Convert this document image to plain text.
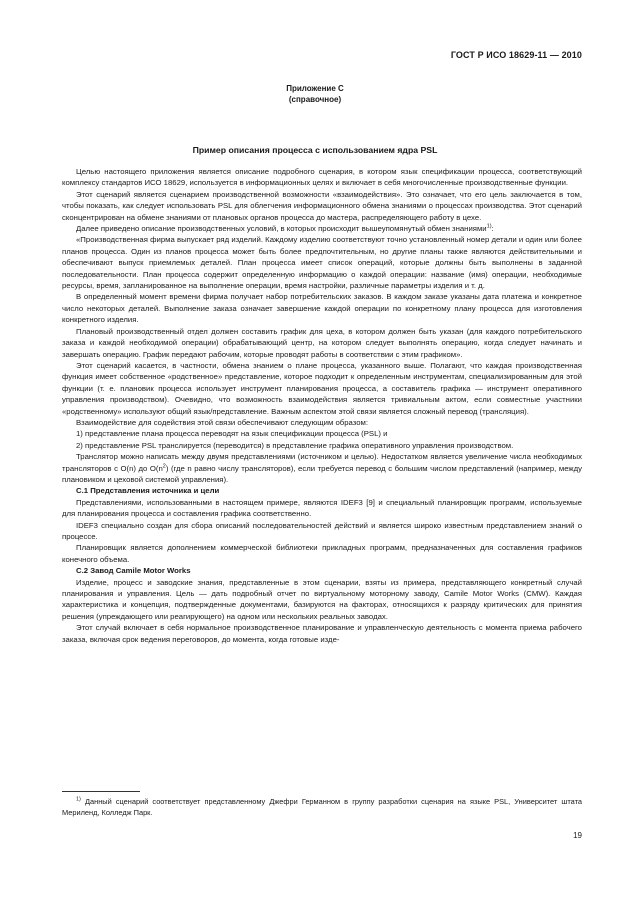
ГОСТ Р ИСО 18629-11 — 2010
Приложение С
(справочное)
Пример описания процесса с использованием ядра PSL

Целью настоящего приложения является описание подробного сценария, в котором язык спецификации процесса, соответствующий комплексу стандартов ИСО 18629, используется в информационных целях и включает в себя многочисленные производственные функции.

Этот сценарий является сценарием производственной возможности «взаимодействия». Это означает, что его цель заключается в том, чтобы показать, как следует использовать PSL для облегчения информационного обмена знаниями о процессах производства. Этот сценарий сконцентрирован на обмене знаниями от плановых органов процесса до мастера, распределяющего работу в цехе.

Далее приведено описание производственных условий, в которых происходит вышеупомянутый обмен знаниями$^{1)}$:

«Производственная фирма выпускает ряд изделий. Каждому изделию соответствуют точно установленный номер детали и один или более планов процесса. Один из планов процесса может быть более предпочтительным, но другие планы также являются действительными и обеспечивают выпуск приемлемых деталей. План процесса имеет список операций, которые должны быть выполнены в заданной последовательности. План процесса содержит определенную информацию о каждой операции: название (имя) операции, необходимые ресурсы, время, запланированное на выполнение операции, время настройки, различные параметры изделия и т. д.

В определенный момент времени фирма получает набор потребительских заказов. В каждом заказе указаны дата платежа и конкретное число некоторых деталей. Выполнение заказа означает завершение каждой операции по конкретному плану процесса для изготовления конкретного изделия.

Плановый производственный отдел должен составить график для цеха, в котором должен быть указан (для каждого потребительского заказа и каждой необходимой операции) обрабатывающий центр, на котором следует выполнять операцию, когда следует начинать и завершать операцию. График передают рабочим, которые проводят работы в соответствии с этим графиком».

Этот сценарий касается, в частности, обмена знанием о плане процесса, указанного выше. Полагают, что каждая производственная функция имеет собственное «родственное» представление, которое подходит к определенным инструментам, специализированным для этой функции (т. е. плановик процесса использует инструмент планирования процесса, а составитель графика — инструмент оперативного управления производством). Очевидно, что возможность взаимодействия является тривиальным актом, если совместные участники «родственному» используют общий язык/представление. Важным аспектом этой связи является сложный перевод (трансляция).

Взаимодействие для содействия этой связи обеспечивают следующим образом:

1) представление плана процесса переводят на язык спецификации процесса (PSL) и

2) представление PSL транслируется (переводится) в представление графика оперативного управления производством.

Транслятор можно написать между двумя представлениями (источником и целью). Недостатком является увеличение числа необходимых трансляторов с O(n) до $O(n^2)$ (где n равно числу трансляторов), если требуется перевод с большим числом представлений (например, между плановиком и цеховой системой управления).

С.1 Представления источника и цели

Представлениями, использованными в настоящем примере, являются IDEF3 [9] и специальный планировщик программ, используемые для планирования процесса и составления графика соответственно.

IDEF3 специально создан для сбора описаний последовательностей действий и является широко известным представлением знаний о процессе.

Планировщик является дополнением коммерческой библиотеки прикладных программ, предназначенных для составления графиков конечного объема.

С.2 Завод Camile Motor Works

Изделие, процесс и заводские знания, представленные в этом сценарии, взяты из примера, представляющего конкретный случай планирования и управления. Цель — дать подробный отчет по виртуальному моторному заводу, Camile Motor Works (CMW). Каждая характеристика и концепция, подтвержденные документами, базируются на факторах, относящихся к разряду критических для принятия решения (упреждающего или реагирующего) на одном или нескольких реальных заводах.

Этот случай включает в себя нормальное производственное планирование и управленческую деятельность с момента приема рабочего заказа, включая срок ведения переговоров, до момента, когда готовые изде-

$^{1)}$ Данный сценарий соответствует представленному Джефри Германном в группу разработки сценария на языке PSL, Университет штата Мериленд, Колледж Парк.
19
